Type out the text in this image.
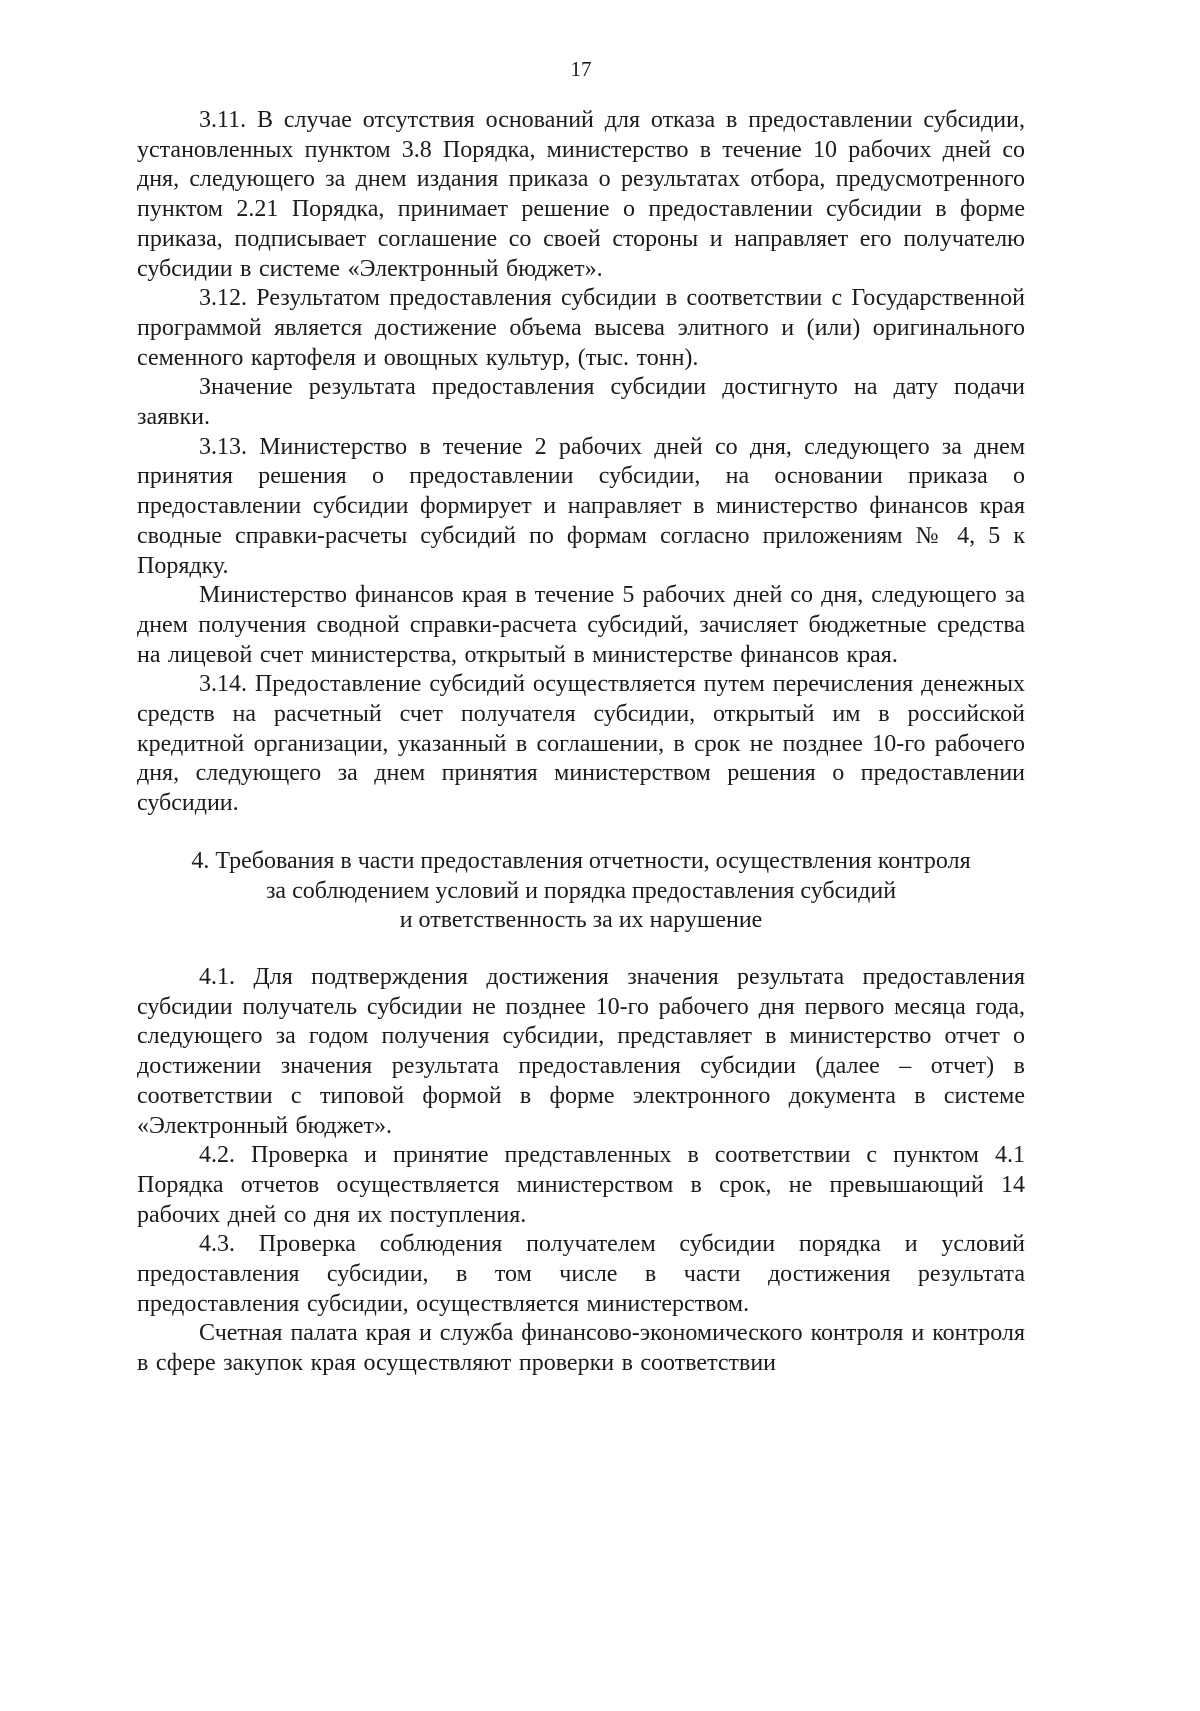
17

3.11. В случае отсутствия оснований для отказа в предоставлении субсидии, установленных пунктом 3.8 Порядка, министерство в течение 10 рабочих дней со дня, следующего за днем издания приказа о результатах отбора, предусмотренного пунктом 2.21 Порядка, принимает решение о предоставлении субсидии в форме приказа, подписывает соглашение со своей стороны и направляет его получателю субсидии в системе «Электронный бюджет».

3.12. Результатом предоставления субсидии в соответствии с Государственной программой является достижение объема высева элитного и (или) оригинального семенного картофеля и овощных культур, (тыс. тонн).

Значение результата предоставления субсидии достигнуто на дату подачи заявки.

3.13. Министерство в течение 2 рабочих дней со дня, следующего за днем принятия решения о предоставлении субсидии, на основании приказа о предоставлении субсидии формирует и направляет в министерство финансов края сводные справки-расчеты субсидий по формам согласно приложениям № 4, 5 к Порядку.

Министерство финансов края в течение 5 рабочих дней со дня, следующего за днем получения сводной справки-расчета субсидий, зачисляет бюджетные средства на лицевой счет министерства, открытый в министерстве финансов края.

3.14. Предоставление субсидий осуществляется путем перечисления денежных средств на расчетный счет получателя субсидии, открытый им в российской кредитной организации, указанный в соглашении, в срок не позднее 10-го рабочего дня, следующего за днем принятия министерством решения о предоставлении субсидии.

4. Требования в части предоставления отчетности, осуществления контроля
за соблюдением условий и порядка предоставления субсидий
и ответственность за их нарушение

4.1. Для подтверждения достижения значения результата предоставления субсидии получатель субсидии не позднее 10-го рабочего дня первого месяца года, следующего за годом получения субсидии, представляет в министерство отчет о достижении значения результата предоставления субсидии (далее – отчет) в соответствии с типовой формой в форме электронного документа в системе «Электронный бюджет».

4.2. Проверка и принятие представленных в соответствии с пунктом 4.1 Порядка отчетов осуществляется министерством в срок, не превышающий 14 рабочих дней со дня их поступления.

4.3. Проверка соблюдения получателем субсидии порядка и условий предоставления субсидии, в том числе в части достижения результата предоставления субсидии, осуществляется министерством.

Счетная палата края и служба финансово-экономического контроля и контроля в сфере закупок края осуществляют проверки в соответствии
